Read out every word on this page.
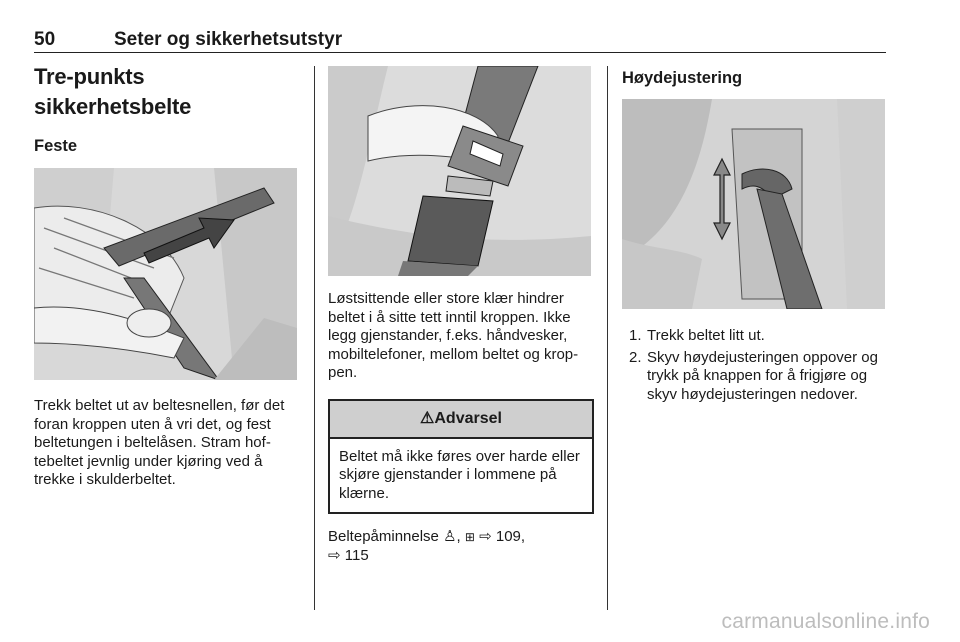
50	Seter og sikkerhetsutstyr
Tre-punkts sikkerhetsbelte
Feste

Trekk beltet ut av beltesnellen, før det foran kroppen uten å vri det, og fest beltetungen i beltelåsen. Stram hoftebeltet jevnlig under kjøring ved å trekke i skulderbeltet.

Løstsittende eller store klær hindrer beltet i å sitte tett inntil kroppen. Ikke legg gjenstander, f.eks. håndvesker, mobiltelefoner, mellom beltet og kroppen.

⚠Advarsel
Beltet må ikke føres over harde eller skjøre gjenstander i lommene på klærne.

Beltepåminnelse ♙, ⊞ ⇨ 109,
⇨ 115

Høydejustering
1. Trekk beltet litt ut.
2. Skyv høydejusteringen oppover og trykk på knappen for å frigjøre og skyv høydejusteringen nedover.
carmanualsonline.info
